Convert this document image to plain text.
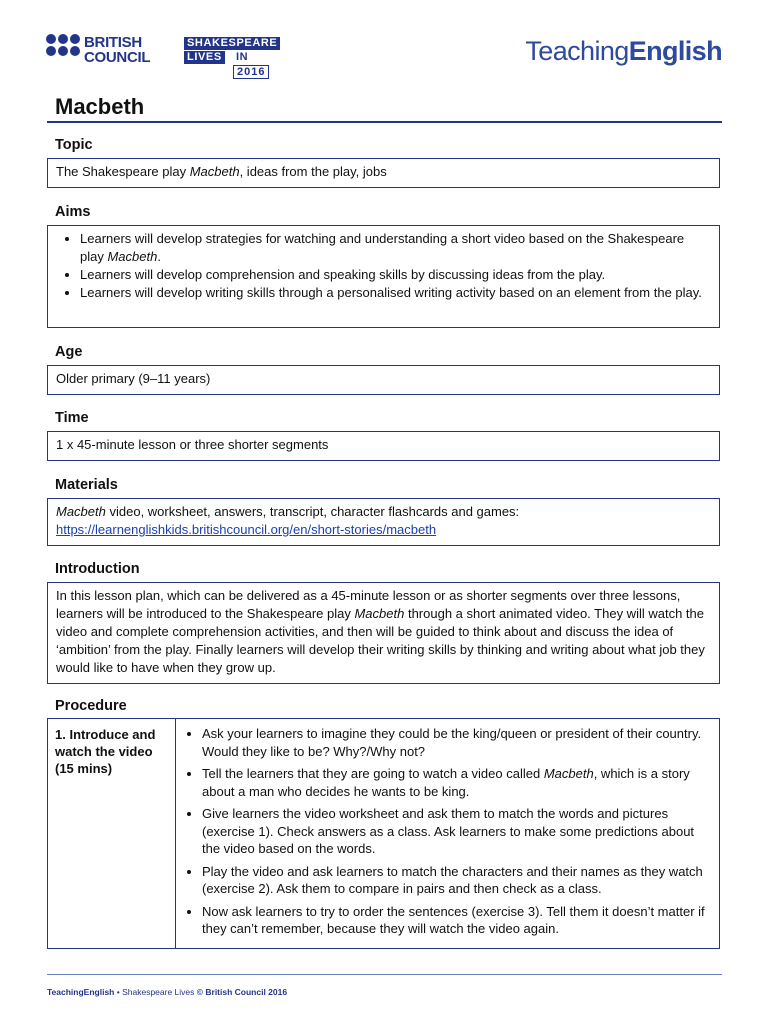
BRITISH
COUNCIL
SHAKESPEARE
LIVES IN
2016
TeachingEnglish
Macbeth
Topic
The Shakespeare play Macbeth, ideas from the play, jobs
Aims
• Learners will develop strategies for watching and understanding a short video based on the Shakespeare play Macbeth.
• Learners will develop comprehension and speaking skills by discussing ideas from the play.
• Learners will develop writing skills through a personalised writing activity based on an element from the play.
Age
Older primary (9–11 years)
Time
1 x 45-minute lesson or three shorter segments
Materials
Macbeth video, worksheet, answers, transcript, character flashcards and games:
https://learnenglishkids.britishcouncil.org/en/short-stories/macbeth
Introduction
In this lesson plan, which can be delivered as a 45-minute lesson or as shorter segments over three lessons, learners will be introduced to the Shakespeare play Macbeth through a short animated video. They will watch the video and complete comprehension activities, and then will be guided to think about and discuss the idea of ‘ambition’ from the play. Finally learners will develop their writing skills by thinking and writing about what job they would like to have when they grow up.
Procedure
1. Introduce and watch the video (15 mins)
• Ask your learners to imagine they could be the king/queen or president of their country. Would they like to be? Why?/Why not?
• Tell the learners that they are going to watch a video called Macbeth, which is a story about a man who decides he wants to be king.
• Give learners the video worksheet and ask them to match the words and pictures (exercise 1). Check answers as a class. Ask learners to make some predictions about the video based on the words.
• Play the video and ask learners to match the characters and their names as they watch (exercise 2). Ask them to compare in pairs and then check as a class.
• Now ask learners to try to order the sentences (exercise 3). Tell them it doesn’t matter if they can’t remember, because they will watch the video again.
TeachingEnglish • Shakespeare Lives © British Council 2016
